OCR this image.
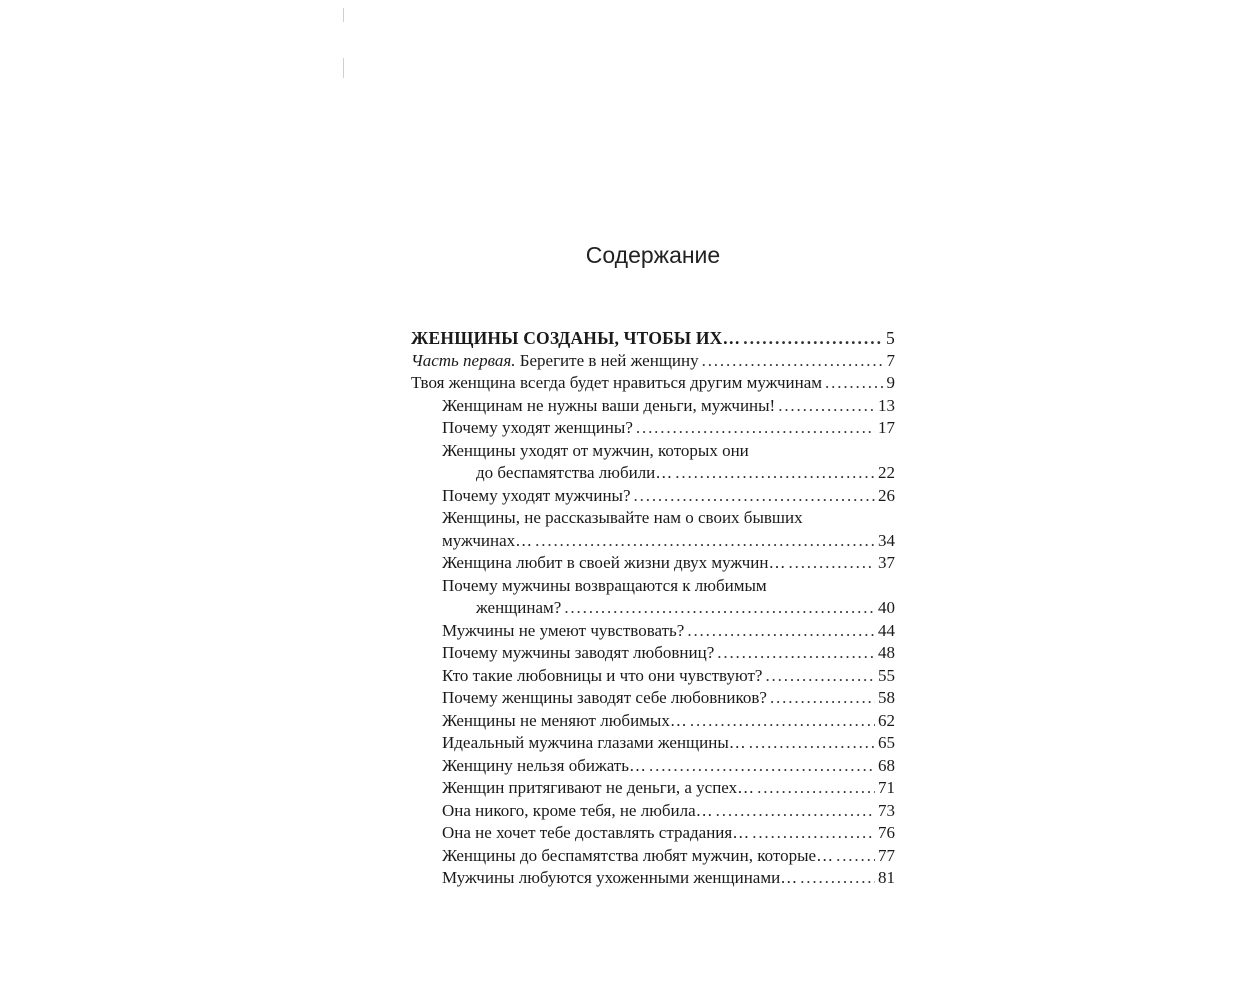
Содержание
ЖЕНЩИНЫ СОЗДАНЫ, ЧТОБЫ ИХ… . . .	5
Часть первая. Берегите в ней женщину . . .	7
Твоя женщина всегда будет нравиться другим мужчинам . . .	9
Женщинам не нужны ваши деньги, мужчины! . . .	13
Почему уходят женщины? . . .	17
Женщины уходят от мужчин, которых они
до беспамятства любили… . . .	22
Почему уходят мужчины? . . .	26
Женщины, не рассказывайте нам о своих бывших
мужчинах… . . .	34
Женщина любит в своей жизни двух мужчин… . . .	37
Почему мужчины возвращаются к любимым
женщинам? . . .	40
Мужчины не умеют чувствовать? . . .	44
Почему мужчины заводят любовниц? . . .	48
Кто такие любовницы и что они чувствуют? . . .	55
Почему женщины заводят себе любовников? . . .	58
Женщины не меняют любимых… . . .	62
Идеальный мужчина глазами женщины… . . .	65
Женщину нельзя обижать… . . .	68
Женщин притягивают не деньги, а успех… . . .	71
Она никого, кроме тебя, не любила… . . .	73
Она не хочет тебе доставлять страдания… . . .	76
Женщины до беспамятства любят мужчин, которые… . . .	77
Мужчины любуются ухоженными женщинами… . . .	81
